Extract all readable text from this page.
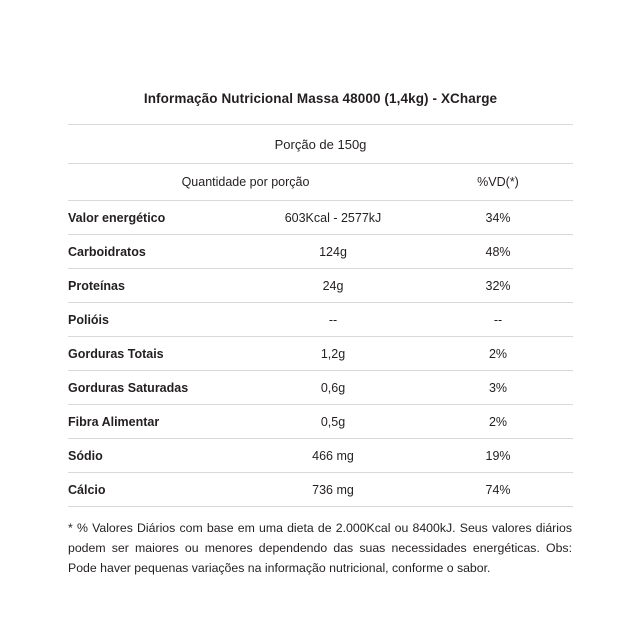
Informação Nutricional Massa 48000 (1,4kg) - XCharge		
Porção de 150g		
Quantidade por porção		%VD(*)
Valor energético	603Kcal - 2577kJ	34%
Carboidratos	124g	48%
Proteínas	24g	32%
Polióis	--	--
Gorduras Totais	1,2g	2%
Gorduras Saturadas	0,6g	3%
Fibra Alimentar	0,5g	2%
Sódio	466 mg	19%
Cálcio	736 mg	74%
* % Valores Diários com base em uma dieta de 2.000Kcal ou 8400kJ. Seus valores diários podem ser maiores ou menores dependendo das suas necessidades energéticas. Obs: Pode haver pequenas variações na informação nutricional, conforme o sabor.
